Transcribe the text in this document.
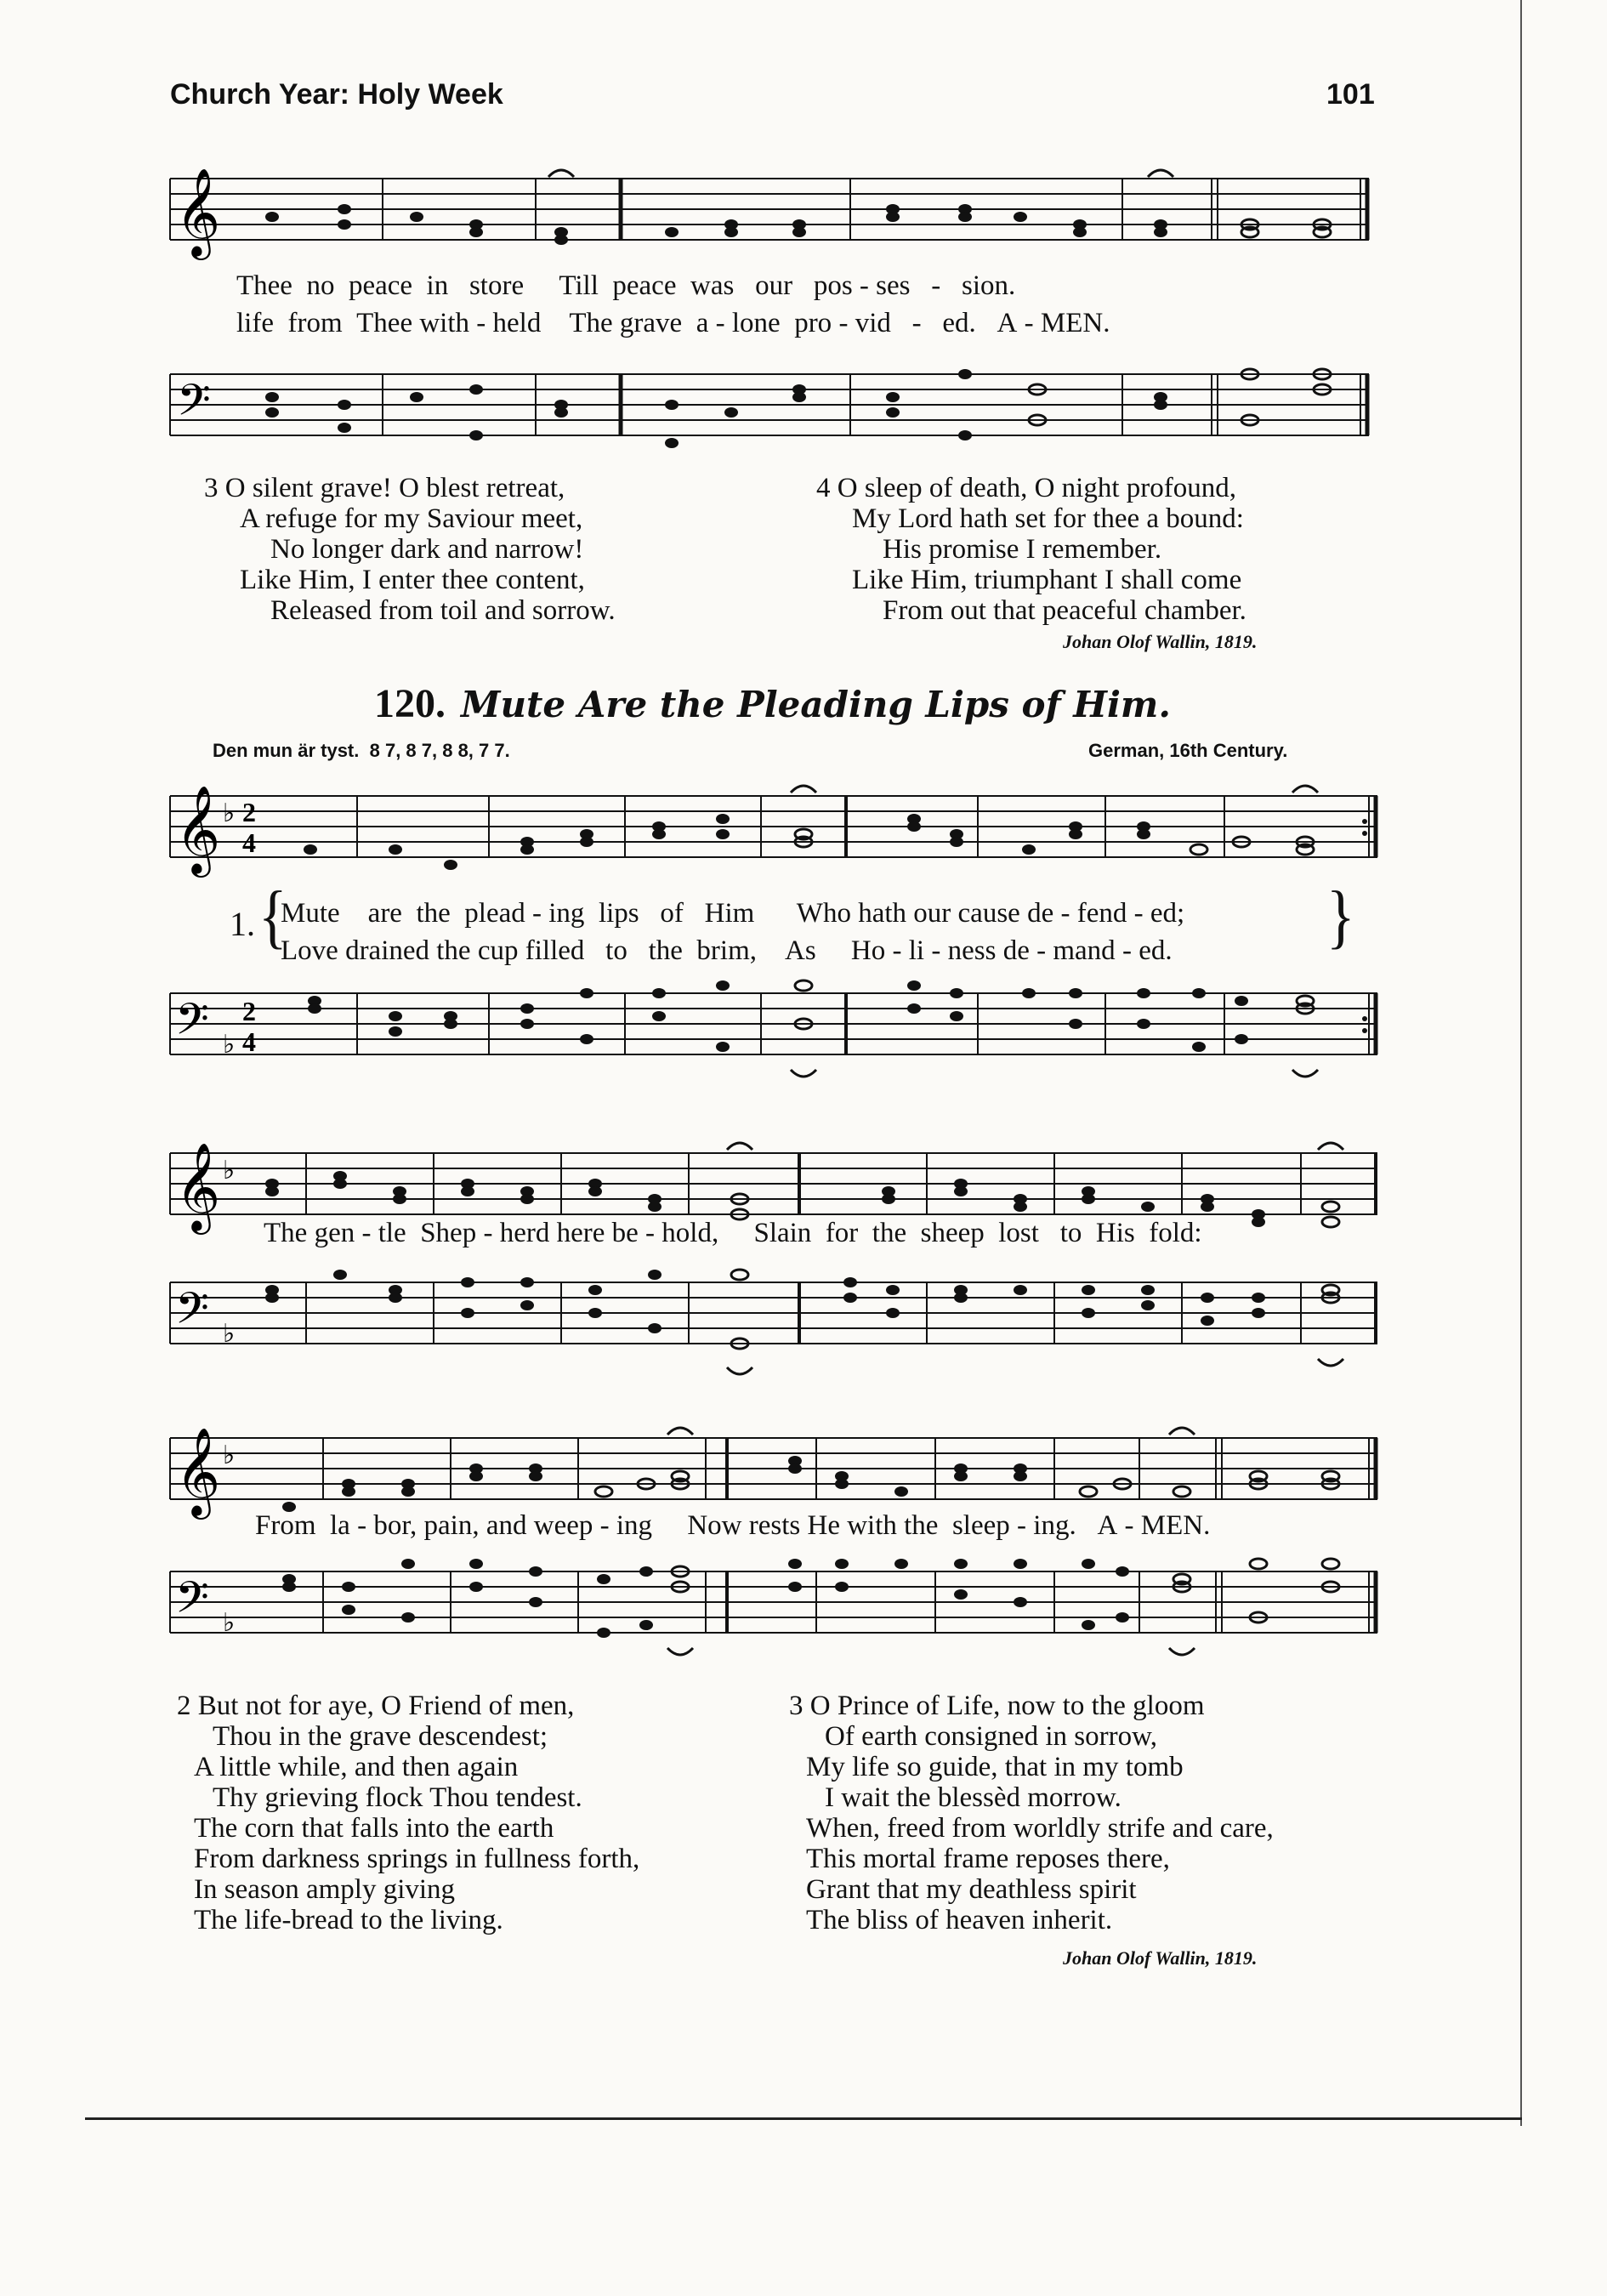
Church Year: Holy Week	101
𝄞
Thee no peace in store Till peace was our pos - ses - sion.
life from Thee with - held The grave a - lone pro - vid - ed. A - MEN.
𝄢
3 O silent grave! O blest retreat,
A refuge for my Saviour meet,
No longer dark and narrow!
Like Him, I enter thee content,
Released from toil and sorrow.
4 O sleep of death, O night profound,
My Lord hath set for thee a bound:
His promise I remember.
Like Him, triumphant I shall come
From out that peaceful chamber.
Johan Olof Wallin, 1819.
120. Mute Are the Pleading Lips of Him.
Den mun är tyst. 8 7, 8 7, 8 8, 7 7.	German, 16th Century.
𝄞 ♭ 2
4
1. {
Mute are the plead - ing lips of Him Who hath our cause de - fend - ed;
Love drained the cup filled to the brim, As Ho - li - ness de - mand - ed.	}
𝄢 ♭
2
4
𝄞 ♭
The gen - tle Shep - herd here be - hold, Slain for the sheep lost to His fold:
𝄢 ♭
𝄞 ♭
From la - bor, pain, and weep - ing Now rests He with the sleep - ing. A - MEN.
𝄢 ♭
2 But not for aye, O Friend of men,
Thou in the grave descendest;
A little while, and then again
Thy grieving flock Thou tendest.
The corn that falls into the earth
From darkness springs in fullness forth,
In season amply giving
The life-bread to the living.
3 O Prince of Life, now to the gloom
Of earth consigned in sorrow,
My life so guide, that in my tomb
I wait the blessèd morrow.
When, freed from worldly strife and care,
This mortal frame reposes there,
Grant that my deathless spirit
The bliss of heaven inherit.
Johan Olof Wallin, 1819.
